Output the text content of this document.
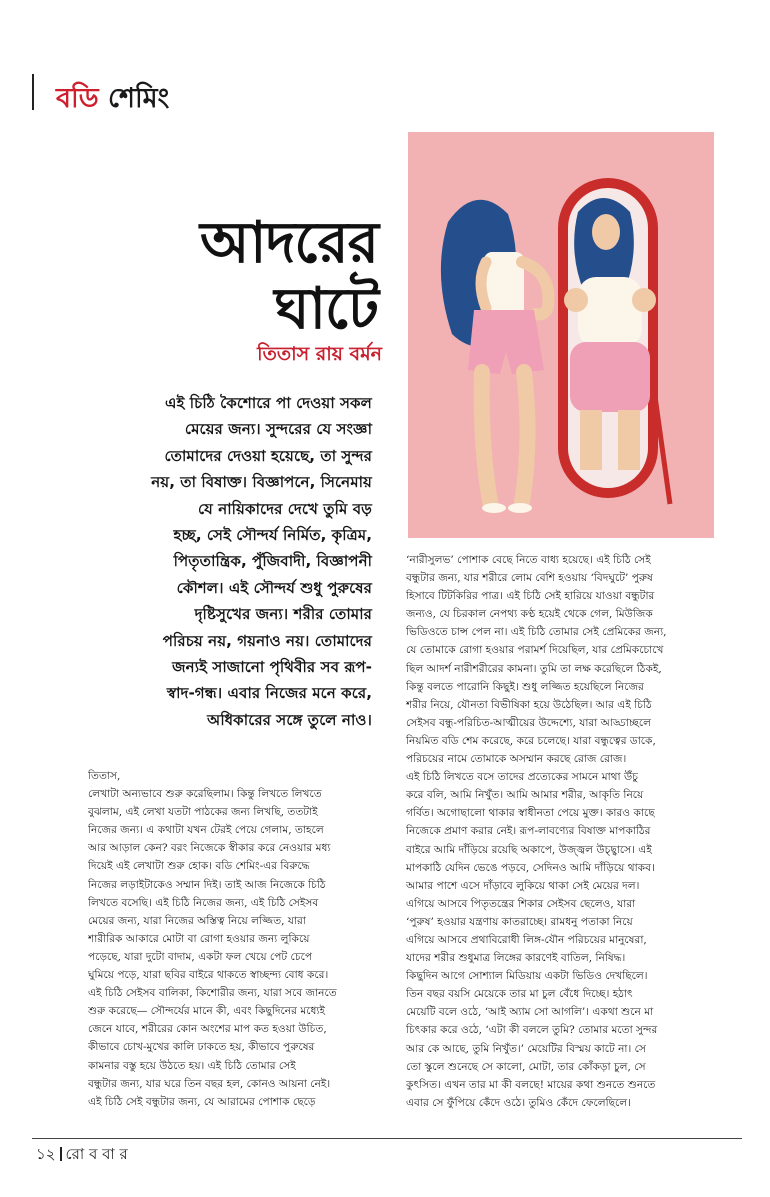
বডি শেমিং
আদরের
ঘাটে
তিতাস রায় বর্মন

এই চিঠি কৈশোরে পা দেওয়া সকল

মেয়ের জন্য। সুন্দরের যে সংজ্ঞা

তোমাদের দেওয়া হয়েছে, তা সুন্দর

নয়, তা বিষাক্ত। বিজ্ঞাপনে, সিনেমায়

যে নায়িকাদের দেখে তুমি বড়

হচ্ছ, সেই সৌন্দর্য নির্মিত, কৃত্রিম,

পিতৃতান্ত্রিক, পুঁজিবাদী, বিজ্ঞাপনী

কৌশল। এই সৌন্দর্য শুধু পুরুষের

দৃষ্টিসুখের জন্য। শরীর তোমার

পরিচয় নয়, গয়নাও নয়। তোমাদের

জন্যই সাজানো পৃথিবীর সব রূপ-

স্বাদ-গন্ধ। এবার নিজের মনে করে,

অধিকারের সঙ্গে তুলে নাও।

তিতাস,

লেখাটা অন্যভাবে শুরু করেছিলাম। কিন্তু লিখতে লিখতে

বুঝলাম, এই লেখা যতটা পাঠকের জন্য লিখছি, ততটাই

নিজের জন্য। এ কথাটা যখন টেরই পেয়ে গেলাম, তাহলে

আর আড়াল কেন? বরং নিজেকে স্বীকার করে নেওয়ার মধ্য

দিয়েই এই লেখাটা শুরু হোক। বডি শেমিং-এর বিরুদ্ধে

নিজের লড়াইটাকেও সম্মান দিই। তাই আজ নিজেকে চিঠি

লিখতে বসেছি। এই চিঠি নিজের জন্য, এই চিঠি সেইসব

মেয়ের জন্য, যারা নিজের অস্তিত্ব নিয়ে লজ্জিত, যারা

শারীরিক আকারে মোটা বা রোগা হওয়ার জন্য লুকিয়ে

পড়েছে, যারা দুটো বাদাম, একটা ফল খেয়ে পেট চেপে

ঘুমিয়ে পড়ে, যারা ছবির বাইরে থাকতে স্বাচ্ছন্দ্য বোধ করে।

এই চিঠি সেইসব বালিকা, কিশোরীর জন্য, যারা সবে জানতে

শুরু করেছে— সৌন্দর্যের মানে কী, এবং কিছুদিনের মধ্যেই

জেনে যাবে, শরীরের কোন অংশের মাপ কত হওয়া উচিত,

কীভাবে চোখ-মুখের কালি ঢাকতে হয়, কীভাবে পুরুষের

কামনার বস্তু হয়ে উঠতে হয়। এই চিঠি তোমার সেই

বন্ধুটার জন্য, যার ঘরে তিন বছর হল, কোনও আয়না নেই।

এই চিঠি সেই বন্ধুটার জন্য, যে আরামের পোশাক ছেড়ে

‘নারীসুলভ’ পোশাক বেছে নিতে বাধ্য হয়েছে। এই চিঠি সেই

বন্ধুটার জন্য, যার শরীরে লোম বেশি হওয়ায় ‘বিদঘুটে’ পুরুষ

হিসাবে টিটকিরির পাত্র। এই চিঠি সেই হারিয়ে যাওয়া বন্ধুটার

জন্যও, যে চিরকাল নেপথ্য কণ্ঠ হয়েই থেকে গেল, মিউজিক

ভিডিওতে চান্স পেল না। এই চিঠি তোমার সেই প্রেমিকের জন্য,

যে তোমাকে রোগা হওয়ার পরামর্শ দিয়েছিল, যার প্রেমিকচোখে

ছিল আদর্শ নারীশরীরের কামনা। তুমি তা লক্ষ করেছিলে ঠিকই,

কিন্তু বলতে পারোনি কিছুই। শুধু লজ্জিত হয়েছিলে নিজের

শরীর নিয়ে, যৌনতা বিভীষিকা হয়ে উঠেছিল। আর এই চিঠি

সেইসব বন্ধু-পরিচিত-আত্মীয়ের উদ্দেশ্যে, যারা আড্ডাচ্ছলে

নিয়মিত বডি শেম করেছে, করে চলেছে। যারা বন্ধুত্বের ডাকে,

পরিচয়ের নামে তোমাকে অসম্মান করছে রোজ রোজ।

এই চিঠি লিখতে বসে তাদের প্রত্যেকের সামনে মাথা উঁচু

করে বলি, আমি নিখুঁত। আমি আমার শরীর, আকৃতি নিয়ে

গর্বিত। অগোছালো থাকার স্বাধীনতা পেয়ে মুক্ত। কারও কাছে

নিজেকে প্রমাণ করার নেই। রূপ-লাবণ্যের বিষাক্ত মাপকাঠির

বাইরে আমি দাঁড়িয়ে রয়েছি অকাপে, উজ্জ্বল উচ্ছ্বাসে। এই

মাপকাঠি যেদিন ভেঙে পড়বে, সেদিনও আমি দাঁড়িয়ে থাকব।

আমার পাশে এসে দাঁড়াবে লুকিয়ে থাকা সেই মেয়ের দল।

এগিয়ে আসবে পিতৃতন্ত্রের শিকার সেইসব ছেলেও, যারা

‘পুরুষ’ হওয়ার যন্ত্রণায় কাতরাচ্ছে। রামধনু পতাকা নিয়ে

এগিয়ে আসবে প্রথাবিরোধী লিঙ্গ-যৌন পরিচয়ের মানুষেরা,

যাদের শরীর শুধুমাত্র লিঙ্গের কারণেই বাতিল, নিষিদ্ধ।

কিছুদিন আগে সোশ্যাল মিডিয়ায় একটা ভিডিও দেখছিলে।

তিন বছর বয়সি মেয়েকে তার মা চুল বেঁধে দিচ্ছে। হঠাৎ

মেয়েটি বলে ওঠে, ‘আই অ্যাম সো আগলি’। একথা শুনে মা

চিৎকার করে ওঠে, ‘এটা কী বললে তুমি? তোমার মতো সুন্দর

আর কে আছে, তুমি নিখুঁত।’ মেয়েটির বিস্ময় কাটে না। সে

তো স্কুলে শুনেছে সে কালো, মোটা, তার কোঁকড়া চুল, সে

কুৎসিত। এখন তার মা কী বলছে! মায়ের কথা শুনতে শুনতে

এবার সে ফুঁপিয়ে কেঁদে ওঠে। তুমিও কেঁদে ফেলেছিলে।

১২ রো ব বা র
